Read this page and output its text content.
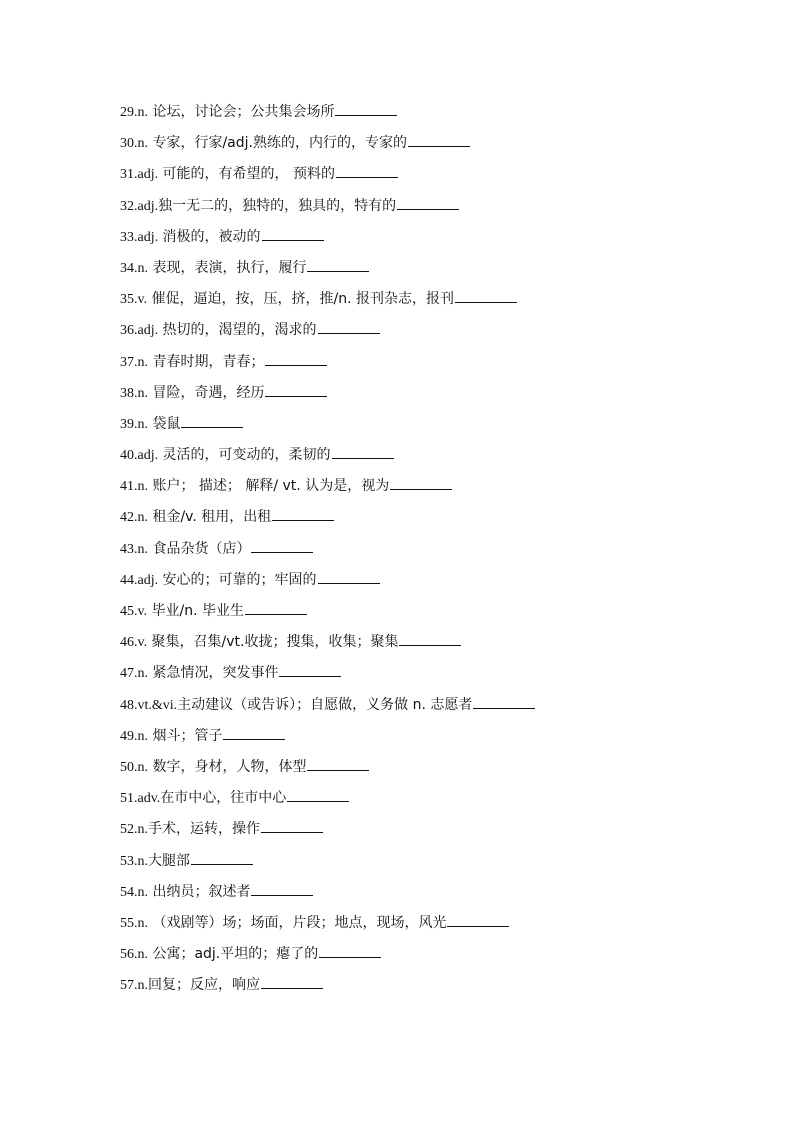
29.n. 论坛，讨论会；公共集会场所
30.n. 专家，行家/adj.熟练的，内行的，专家的
31.adj. 可能的，有希望的， 预料的
32.adj.独一无二的，独特的，独具的，特有的
33.adj. 消极的，被动的
34.n. 表现，表演，执行，履行
35.v. 催促，逼迫，按，压，挤，推/n. 报刊杂志，报刊
36.adj. 热切的，渴望的，渴求的
37.n. 青春时期，青春；
38.n. 冒险，奇遇，经历
39.n. 袋鼠
40.adj. 灵活的，可变动的，柔韧的
41.n. 账户； 描述； 解释/ vt. 认为是，视为
42.n. 租金/v. 租用，出租
43.n. 食品杂货（店）
44.adj. 安心的；可靠的；牢固的
45.v. 毕业/n. 毕业生
46.v. 聚集，召集/vt.收拢；搜集，收集；聚集
47.n. 紧急情况，突发事件
48.vt.&vi.主动建议（或告诉）；自愿做，义务做 n. 志愿者
49.n. 烟斗；管子
50.n. 数字，身材，人物，体型
51.adv.在市中心，往市中心
52.n.手术，运转，操作
53.n.大腿部
54.n. 出纳员；叙述者
55.n. （戏剧等）场；场面，片段；地点，现场，风光
56.n. 公寓；adj.平坦的；瘪了的
57.n.回复；反应，响应
